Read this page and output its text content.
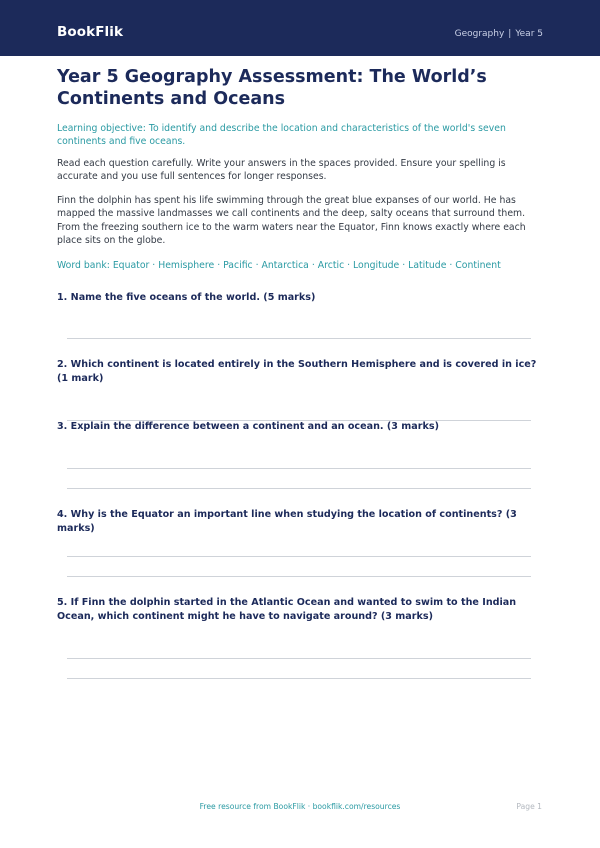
BookFlik	Geography | Year 5
Year 5 Geography Assessment: The World’s Continents and Oceans

Learning objective: To identify and describe the location and characteristics of the world's seven continents and five oceans.

Read each question carefully. Write your answers in the spaces provided. Ensure your spelling is accurate and you use full sentences for longer responses.

Finn the dolphin has spent his life swimming through the great blue expanses of our world. He has mapped the massive landmasses we call continents and the deep, salty oceans that surround them. From the freezing southern ice to the warm waters near the Equator, Finn knows exactly where each place sits on the globe.

Word bank: Equator · Hemisphere · Pacific · Antarctica · Arctic · Longitude · Latitude · Continent

1. Name the five oceans of the world. (5 marks)

2. Which continent is located entirely in the Southern Hemisphere and is covered in ice? (1 mark)

3. Explain the difference between a continent and an ocean. (3 marks)

4. Why is the Equator an important line when studying the location of continents? (3 marks)

5. If Finn the dolphin started in the Atlantic Ocean and wanted to swim to the Indian Ocean, which continent might he have to navigate around? (3 marks)

Free resource from BookFlik · bookflik.com/resources	Page 1
